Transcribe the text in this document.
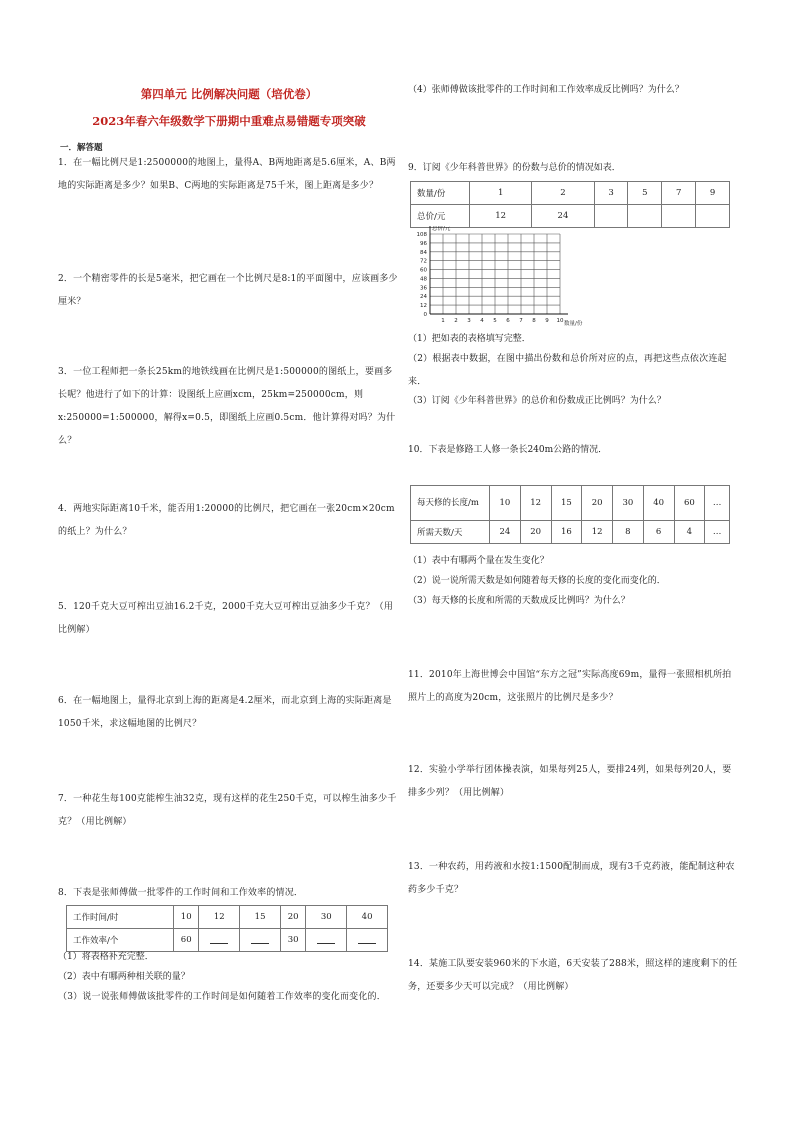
第四单元 比例解决问题（培优卷）
2023年春六年级数学下册期中重难点易错题专项突破
一．解答题
1．在一幅比例尺是1:2500000的地图上，量得A、B两地距离是5.6厘米，A、B两地的实际距离是多少？如果B、C两地的实际距离是75千米，图上距离是多少？
2．一个精密零件的长是5毫米，把它画在一个比例尺是8:1的平面图中，应该画多少厘米？
3．一位工程师把一条长25km的地铁线画在比例尺是1:500000的图纸上，要画多长呢？他进行了如下的计算：设图纸上应画xcm，25km=250000cm，则x:250000=1:500000，解得x=0.5，即图纸上应画0.5cm．他计算得对吗？为什么？
4．两地实际距离10千米，能否用1:20000的比例尺，把它画在一张20cm×20cm的纸上？为什么？
5．120千克大豆可榨出豆油16.2千克，2000千克大豆可榨出豆油多少千克？（用比例解）
6．在一幅地图上，量得北京到上海的距离是4.2厘米，而北京到上海的实际距离是1050千米，求这幅地图的比例尺？
7．一种花生每100克能榨生油32克，现有这样的花生250千克，可以榨生油多少千克？（用比例解）
8．下表是张师傅做一批零件的工作时间和工作效率的情况．
工作时间/时	10	12	15	20	30	40
工作效率/个	60			30		
（1）将表格补充完整．
（2）表中有哪两种相关联的量？
（3）说一说张师傅做该批零件的工作时间是如何随着工作效率的变化而变化的．
（4）张师傅做该批零件的工作时间和工作效率成反比例吗？为什么？
9．订阅《少年科普世界》的份数与总价的情况如表．
数量/份	1	2	3	5	7	9
总价/元	12	24				
1 2 3 4 5 6 7 8 9 10
0
12
24
36
48
60
72
84
96
108
总价/元
数量/份
（1）把如表的表格填写完整．
（2）根据表中数据，在图中描出份数和总价所对应的点，再把这些点依次连起来．
（3）订阅《少年科普世界》的总价和份数成正比例吗？为什么？
10．下表是修路工人修一条长240m公路的情况．
每天修的长度/m	10	12	15	20	30	40	60	…
所需天数/天	24	20	16	12	8	6	4	…
（1）表中有哪两个量在发生变化？
（2）说一说所需天数是如何随着每天修的长度的变化而变化的．
（3）每天修的长度和所需的天数成反比例吗？为什么？
11．2010年上海世博会中国馆“东方之冠”实际高度69m，量得一张照相机所拍照片上的高度为20cm，这张照片的比例尺是多少？
12．实验小学举行团体操表演，如果每列25人，要排24列，如果每列20人，要排多少列？（用比例解）
13．一种农药，用药液和水按1:1500配制而成，现有3千克药液，能配制这种农药多少千克？
14．某施工队要安装960米的下水道，6天安装了288米，照这样的速度剩下的任务，还要多少天可以完成？（用比例解）
